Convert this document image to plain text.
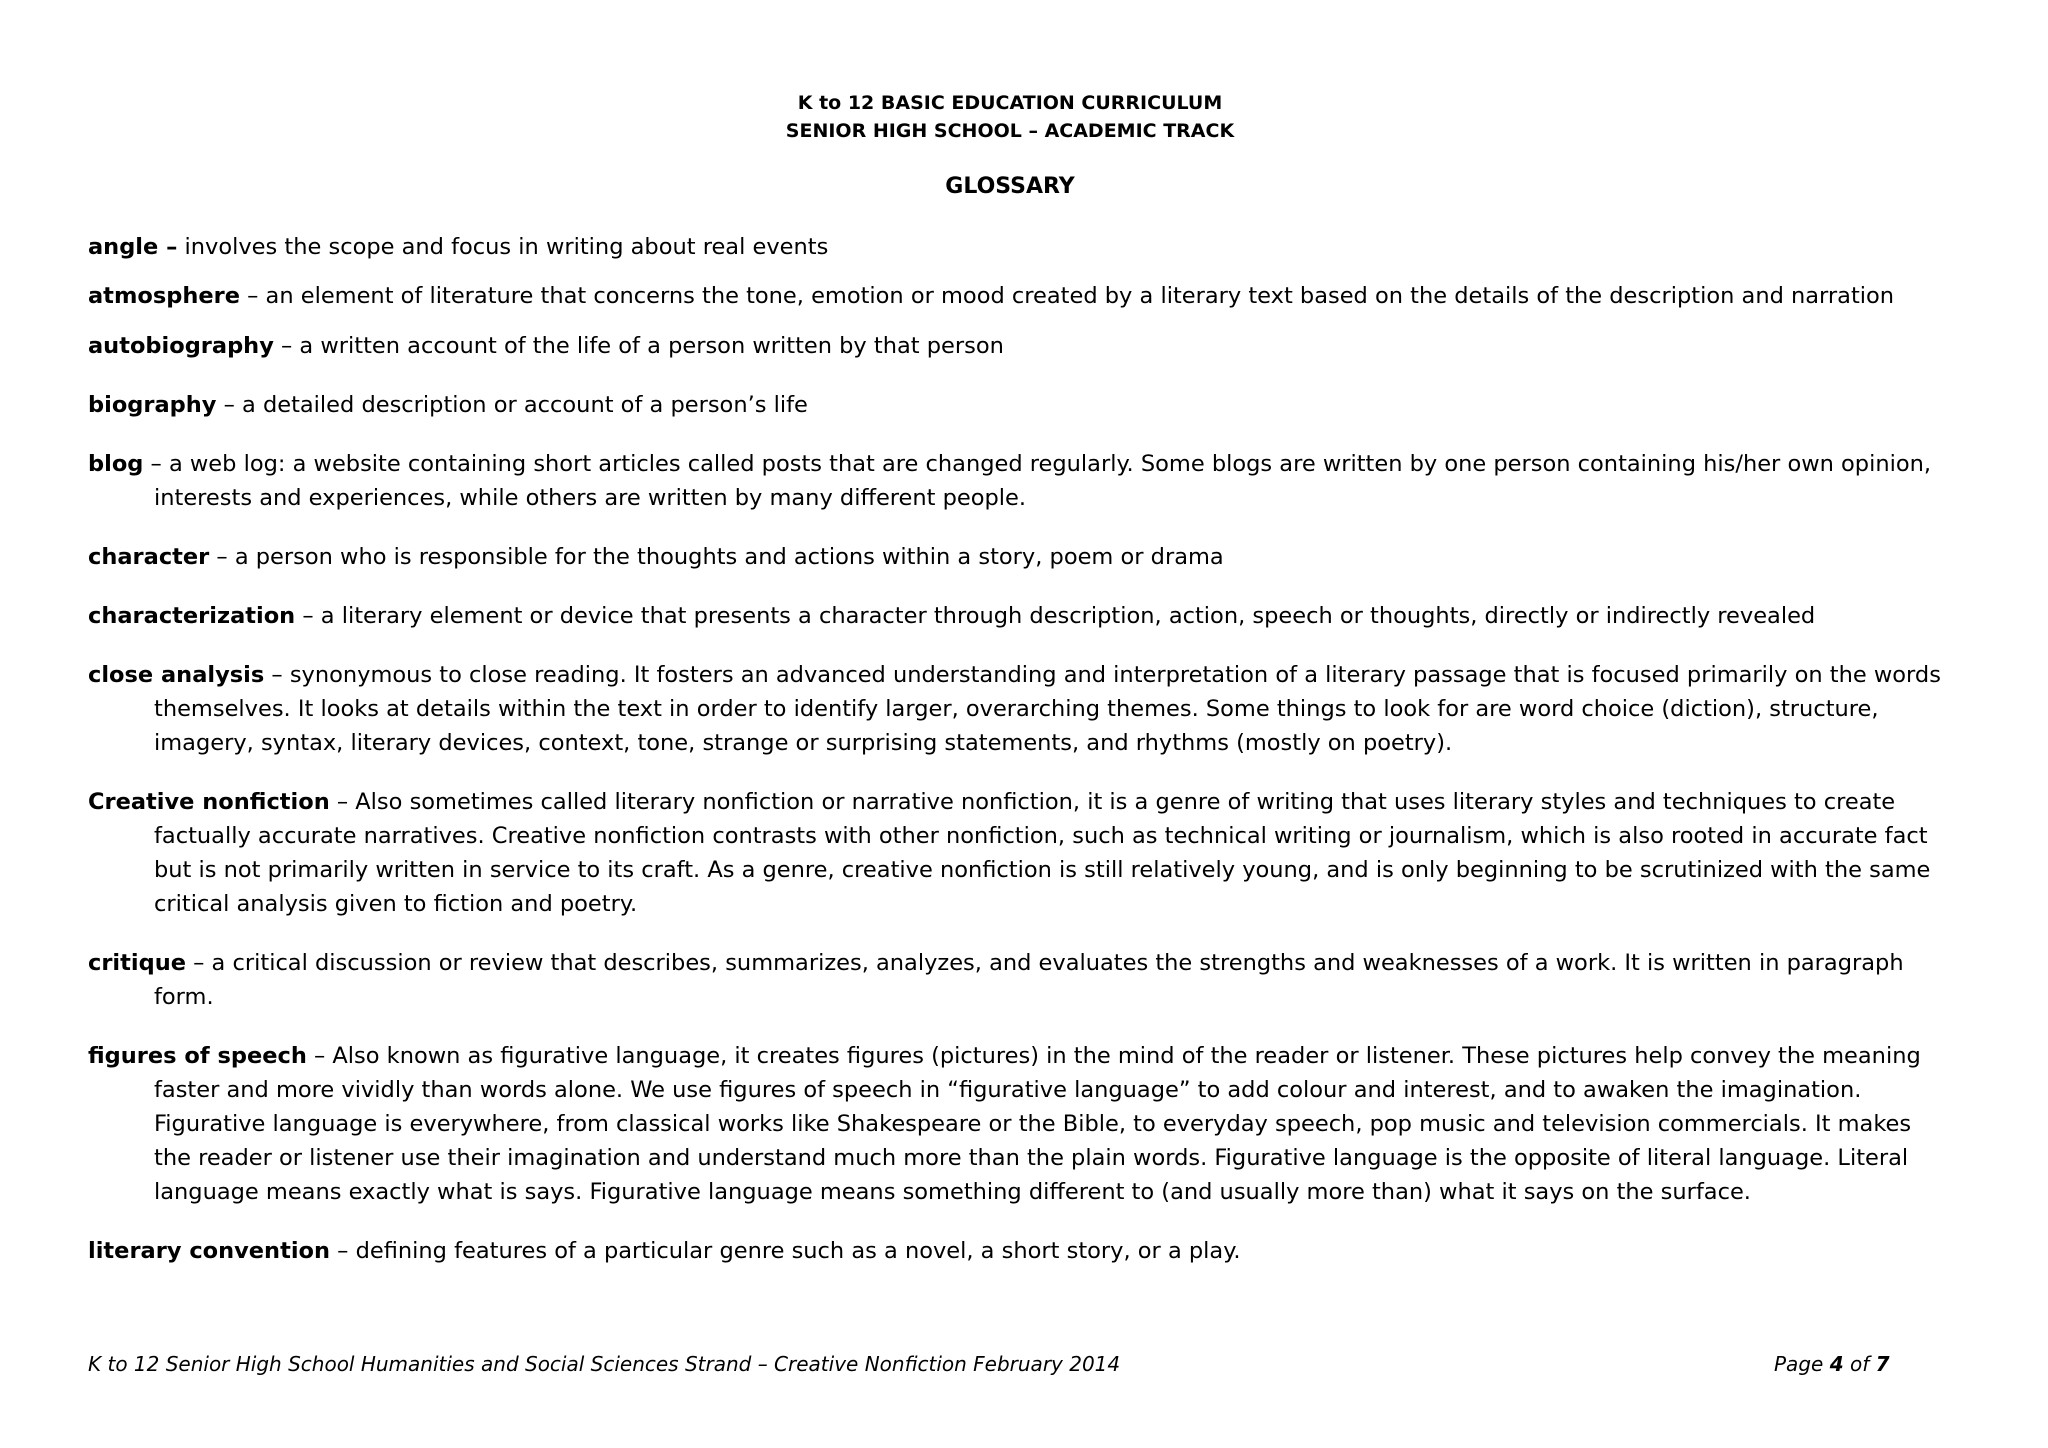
K to 12 BASIC EDUCATION CURRICULUM
SENIOR HIGH SCHOOL – ACADEMIC TRACK
GLOSSARY

angle – involves the scope and focus in writing about real events

atmosphere – an element of literature that concerns the tone, emotion or mood created by a literary text based on the details of the description and narration

autobiography – a written account of the life of a person written by that person

biography – a detailed description or account of a person’s life

blog – a web log: a website containing short articles called posts that are changed regularly. Some blogs are written by one person containing his/her own opinion, interests and experiences, while others are written by many different people.

character – a person who is responsible for the thoughts and actions within a story, poem or drama

characterization – a literary element or device that presents a character through description, action, speech or thoughts, directly or indirectly revealed

close analysis – synonymous to close reading. It fosters an advanced understanding and interpretation of a literary passage that is focused primarily on the words themselves. It looks at details within the text in order to identify larger, overarching themes. Some things to look for are word choice (diction), structure, imagery, syntax, literary devices, context, tone, strange or surprising statements, and rhythms (mostly on poetry).

Creative nonfiction – Also sometimes called literary nonfiction or narrative nonfiction, it is a genre of writing that uses literary styles and techniques to create factually accurate narratives. Creative nonfiction contrasts with other nonfiction, such as technical writing or journalism, which is also rooted in accurate fact but is not primarily written in service to its craft. As a genre, creative nonfiction is still relatively young, and is only beginning to be scrutinized with the same critical analysis given to fiction and poetry.

critique – a critical discussion or review that describes, summarizes, analyzes, and evaluates the strengths and weaknesses of a work. It is written in paragraph form.

figures of speech – Also known as figurative language, it creates figures (pictures) in the mind of the reader or listener. These pictures help convey the meaning faster and more vividly than words alone. We use figures of speech in “figurative language” to add colour and interest, and to awaken the imagination. Figurative language is everywhere, from classical works like Shakespeare or the Bible, to everyday speech, pop music and television commercials. It makes the reader or listener use their imagination and understand much more than the plain words. Figurative language is the opposite of literal language. Literal language means exactly what is says. Figurative language means something different to (and usually more than) what it says on the surface.

literary convention – defining features of a particular genre such as a novel, a short story, or a play.

K to 12 Senior High School Humanities and Social Sciences Strand – Creative Nonfiction February 2014	Page 4 of 7
